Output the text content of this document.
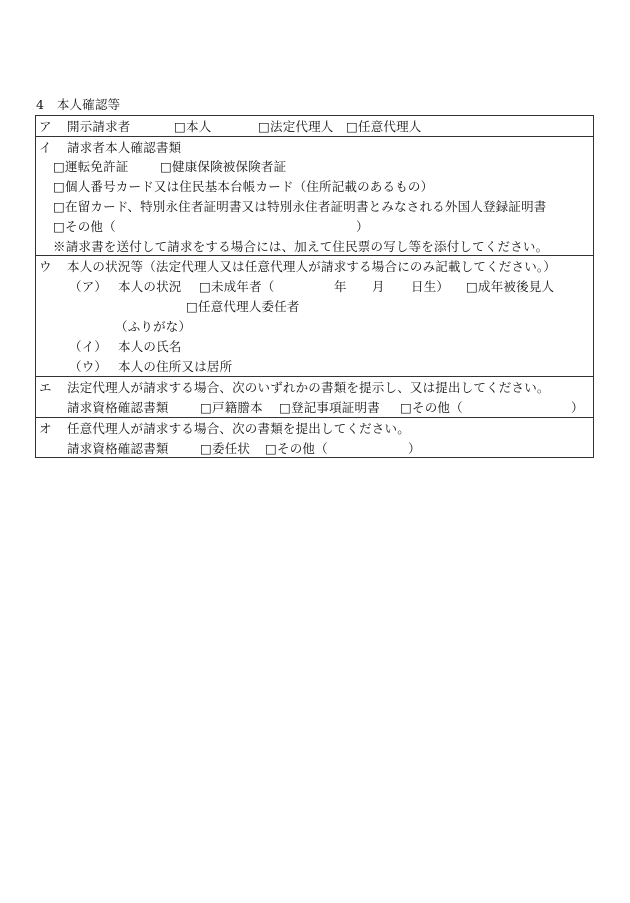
4　本人確認等
ア 開示請求者	□本人	□法定代理人 □任意代理人
イ 請求者本人確認書類
□運転免許証	□健康保険被保険者証
□個人番号カード又は住民基本台帳カード（住所記載のあるもの）
□在留カード、特別永住者証明書又は特別永住者証明書とみなされる外国人登録証明書
□その他（	）
※請求書を送付して請求をする場合には、加えて住民票の写し等を添付してください。
ウ 本人の状況等（法定代理人又は任意代理人が請求する場合にのみ記載してください。）
（ア） 本人の状況 □未成年者（	年 月 日生） □成年被後見人
□任意代理人委任者
（ふりがな）
（イ） 本人の氏名
（ウ） 本人の住所又は居所
エ 法定代理人が請求する場合、次のいずれかの書類を提示し、又は提出してください。
請求資格確認書類	□戸籍謄本 □登記事項証明書 □その他（	）
オ 任意代理人が請求する場合、次の書類を提出してください。
請求資格確認書類	□委任状 □その他（	）
